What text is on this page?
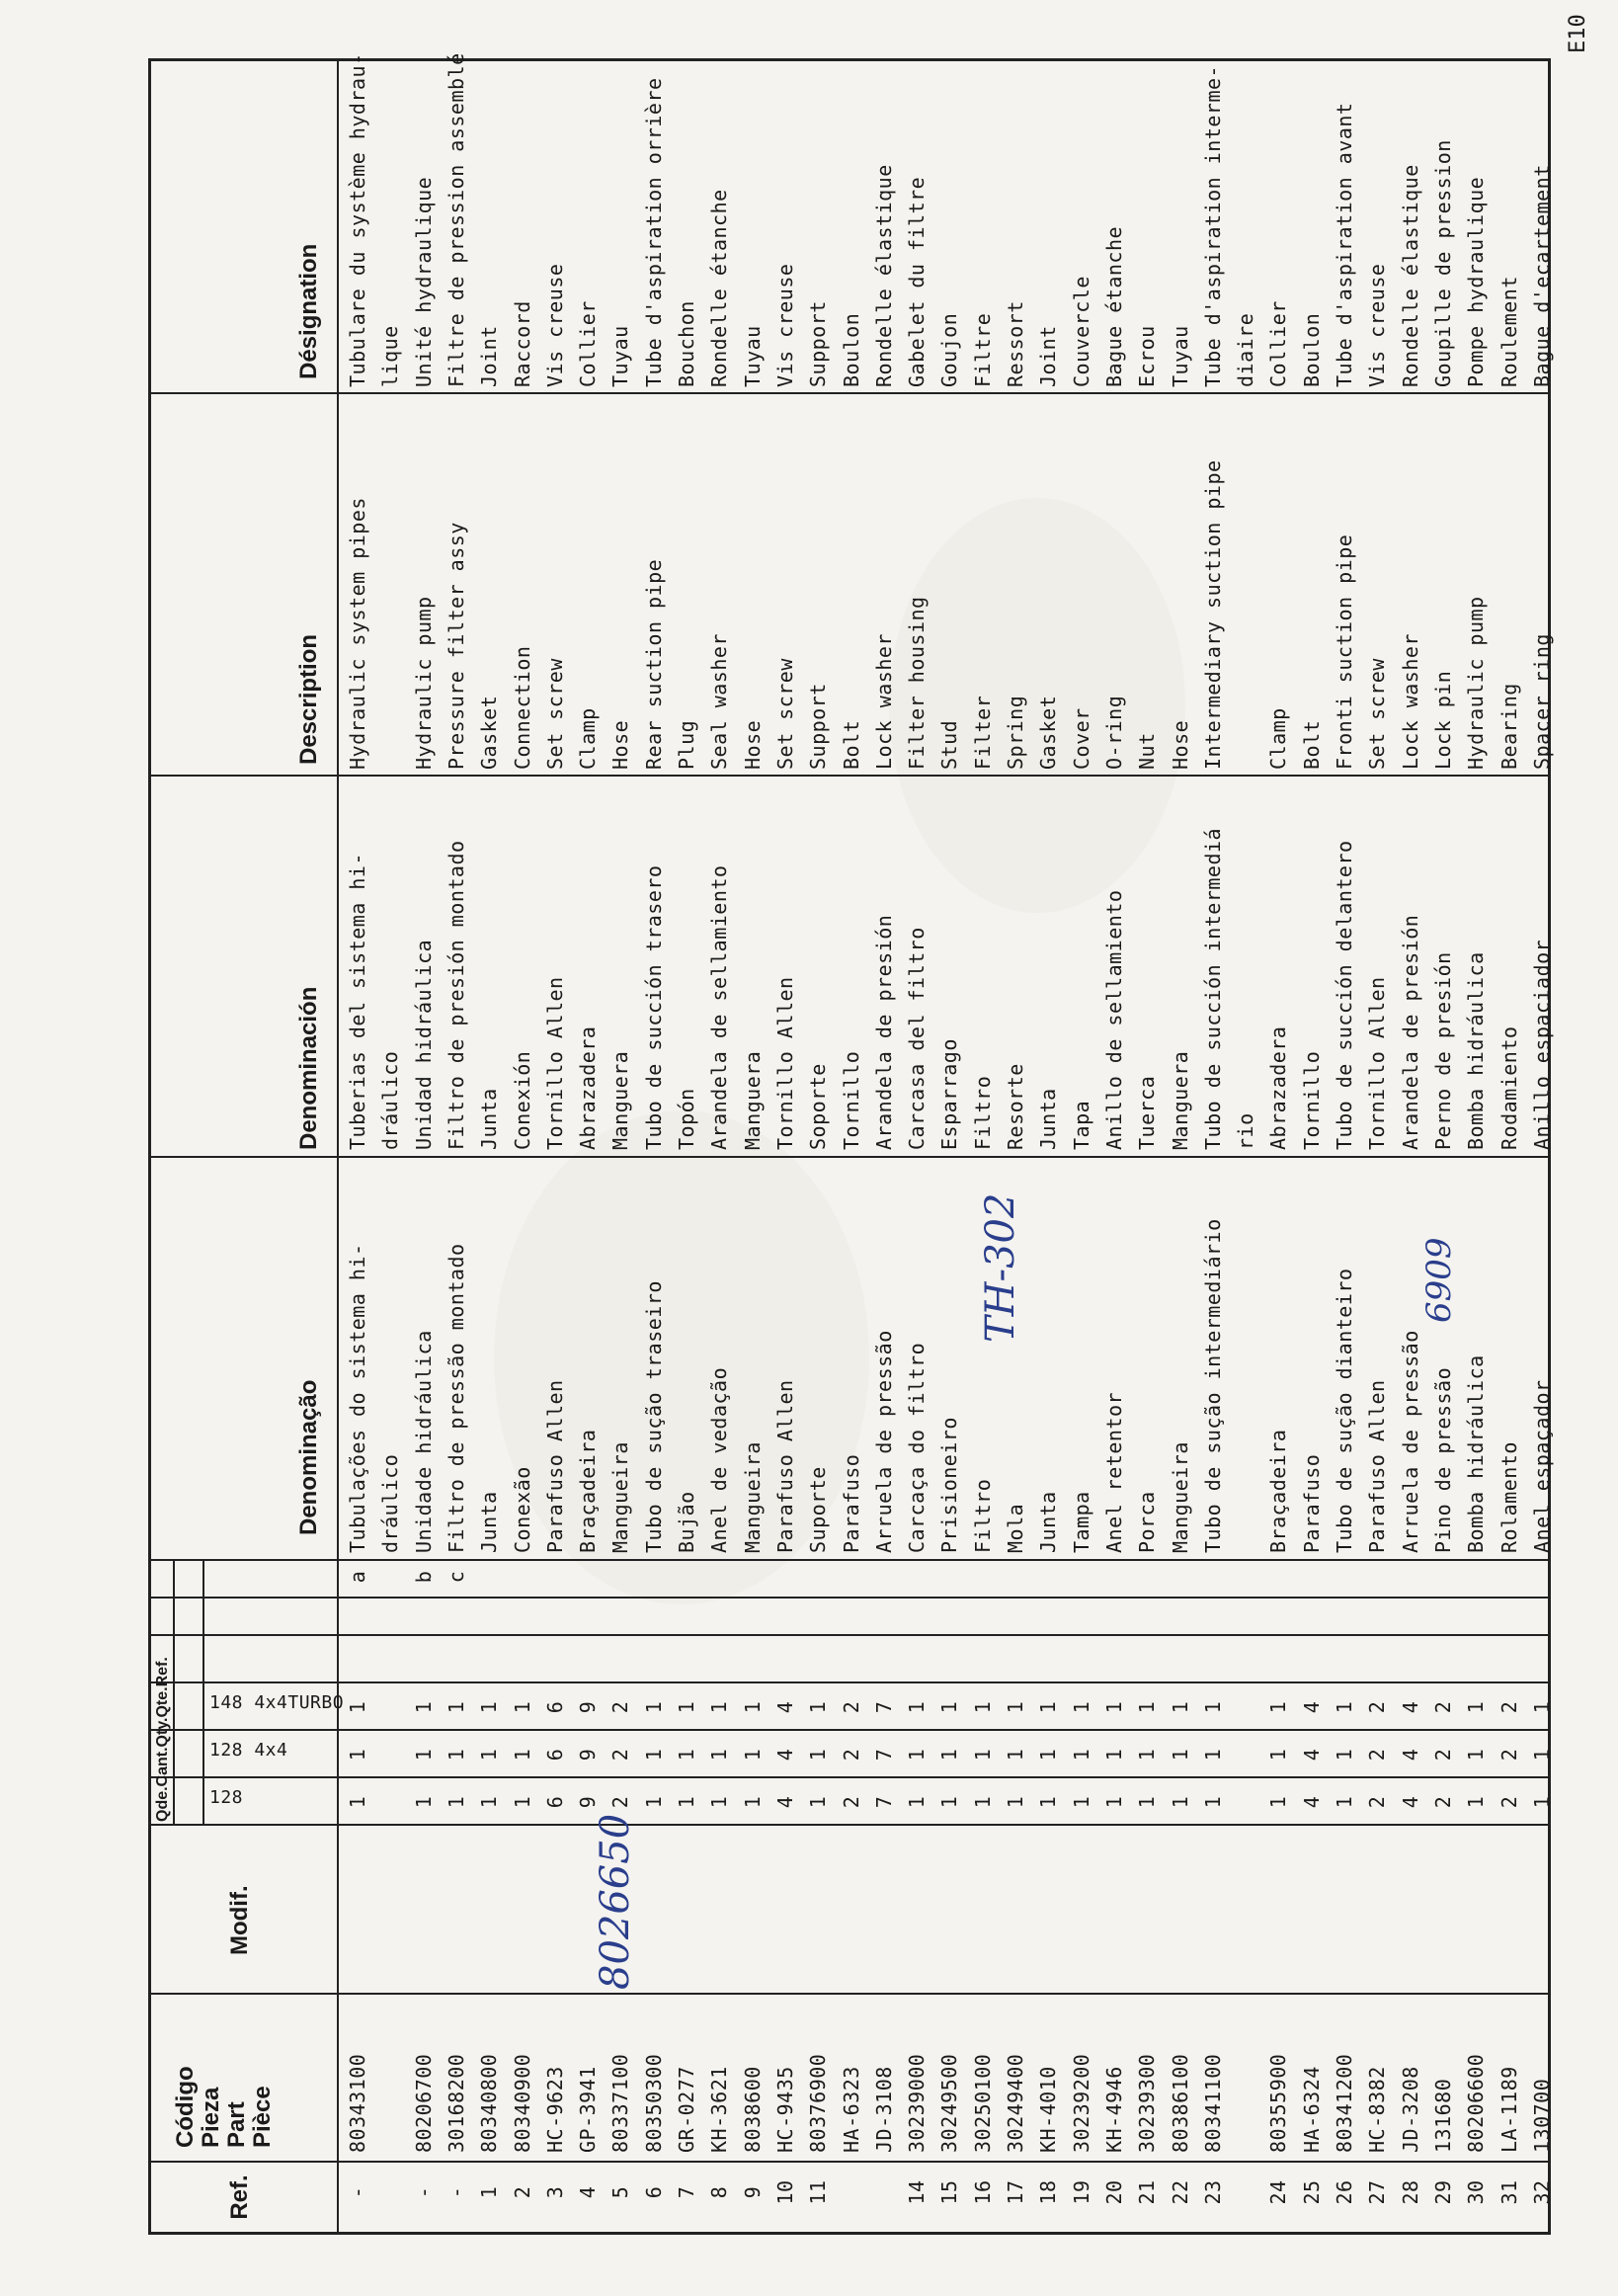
Ref.
Código Pieza Part Pièce
Modif.
Qde.Cant.Qty.Qte.Ref.

128

128 4x4

148 4x4TURBO

Denominação
Denominación
Description
Désignation
-
80343100
1
1
1
a
Tubulações do sistema hi-
Tuberias del sistema hi-
Hydraulic system pipes
Tubulare du système hydrau-
dráulico
dráulico
lique
-
80206700
1
1
1
b
Unidade hidráulica
Unidad hidráulica
Hydraulic pump
Unité hydraulique
-
30168200
1
1
1
c
Filtro de pressão montado
Filtro de presión montado
Pressure filter assy
Filtre de pression assemblé
1
80340800
1
1
1
Junta
Junta
Gasket
Joint
2
80340900
1
1
1
Conexão
Conexión
Connection
Raccord
3
HC-9623
6
6
6
Parafuso Allen
Tornillo Allen
Set screw
Vis creuse
4
GP-3941
9
9
9
Braçadeira
Abrazadera
Clamp
Collier
5
80337100
2
2
2
Mangueira
Manguera
Hose
Tuyau
6
80350300
1
1
1
Tubo de sução traseiro
Tubo de succión trasero
Rear suction pipe
Tube d'aspiration orrière
7
GR-0277
1
1
1
Bujão
Topón
Plug
Bouchon
8
KH-3621
1
1
1
Anel de vedação
Arandela de sellamiento
Seal washer
Rondelle étanche
9
8038600
1
1
1
Mangueira
Manguera
Hose
Tuyau
10
HC-9435
4
4
4
Parafuso Allen
Tornillo Allen
Set screw
Vis creuse
11
80376900
1
1
1
Suporte
Soporte
Support
Support
HA-6323
2
2
2
Parafuso
Tornillo
Bolt
Boulon
JD-3108
7
7
7
Arruela de pressão
Arandela de presión
Lock washer
Rondelle élastique
14
30239000
1
1
1
Carcaça do filtro
Carcasa del filtro
Filter housing
Gabelet du filtre
15
30249500
1
1
1
Prisioneiro
Esparrago
Stud
Goujon
16
30250100
1
1
1
Filtro
Filtro
Filter
Filtre
17
30249400
1
1
1
Mola
Resorte
Spring
Ressort
18
KH-4010
1
1
1
Junta
Junta
Gasket
Joint
19
30239200
1
1
1
Tampa
Tapa
Cover
Couvercle
20
KH-4946
1
1
1
Anel retentor
Anillo de sellamiento
O-ring
Bague étanche
21
30239300
1
1
1
Porca
Tuerca
Nut
Ecrou
22
80386100
1
1
1
Mangueira
Manguera
Hose
Tuyau
23
80341100
1
1
1
Tubo de sução intermediário
Tubo de succión intermediá
Intermediary suction pipe
Tube d'aspiration interme-
rio
diaire
24
80355900
1
1
1
Braçadeira
Abrazadera
Clamp
Collier
25
HA-6324
4
4
4
Parafuso
Tornillo
Bolt
Boulon
26
80341200
1
1
1
Tubo de sução dianteiro
Tubo de succión delantero
Fronti suction pipe
Tube d'aspiration avant
27
HC-8382
2
2
2
Parafuso Allen
Tornillo Allen
Set screw
Vis creuse
28
JD-3208
4
4
4
Arruela de pressão
Arandela de presión
Lock washer
Rondelle élastique
29
131680
2
2
2
Pino de pressão
Perno de presión
Lock pin
Goupille de pression
30
80206600
1
1
1
Bomba hidráulica
Bomba hidráulica
Hydraulic pump
Pompe hydraulique
31
LA-1189
2
2
2
Rolamento
Rodamiento
Bearing
Roulement
32
130700
1
1
1
Anel espaçador
Anillo espaciador
Spacer ring
Bague d'ecartement
8026650
TH-302	6909
E10
